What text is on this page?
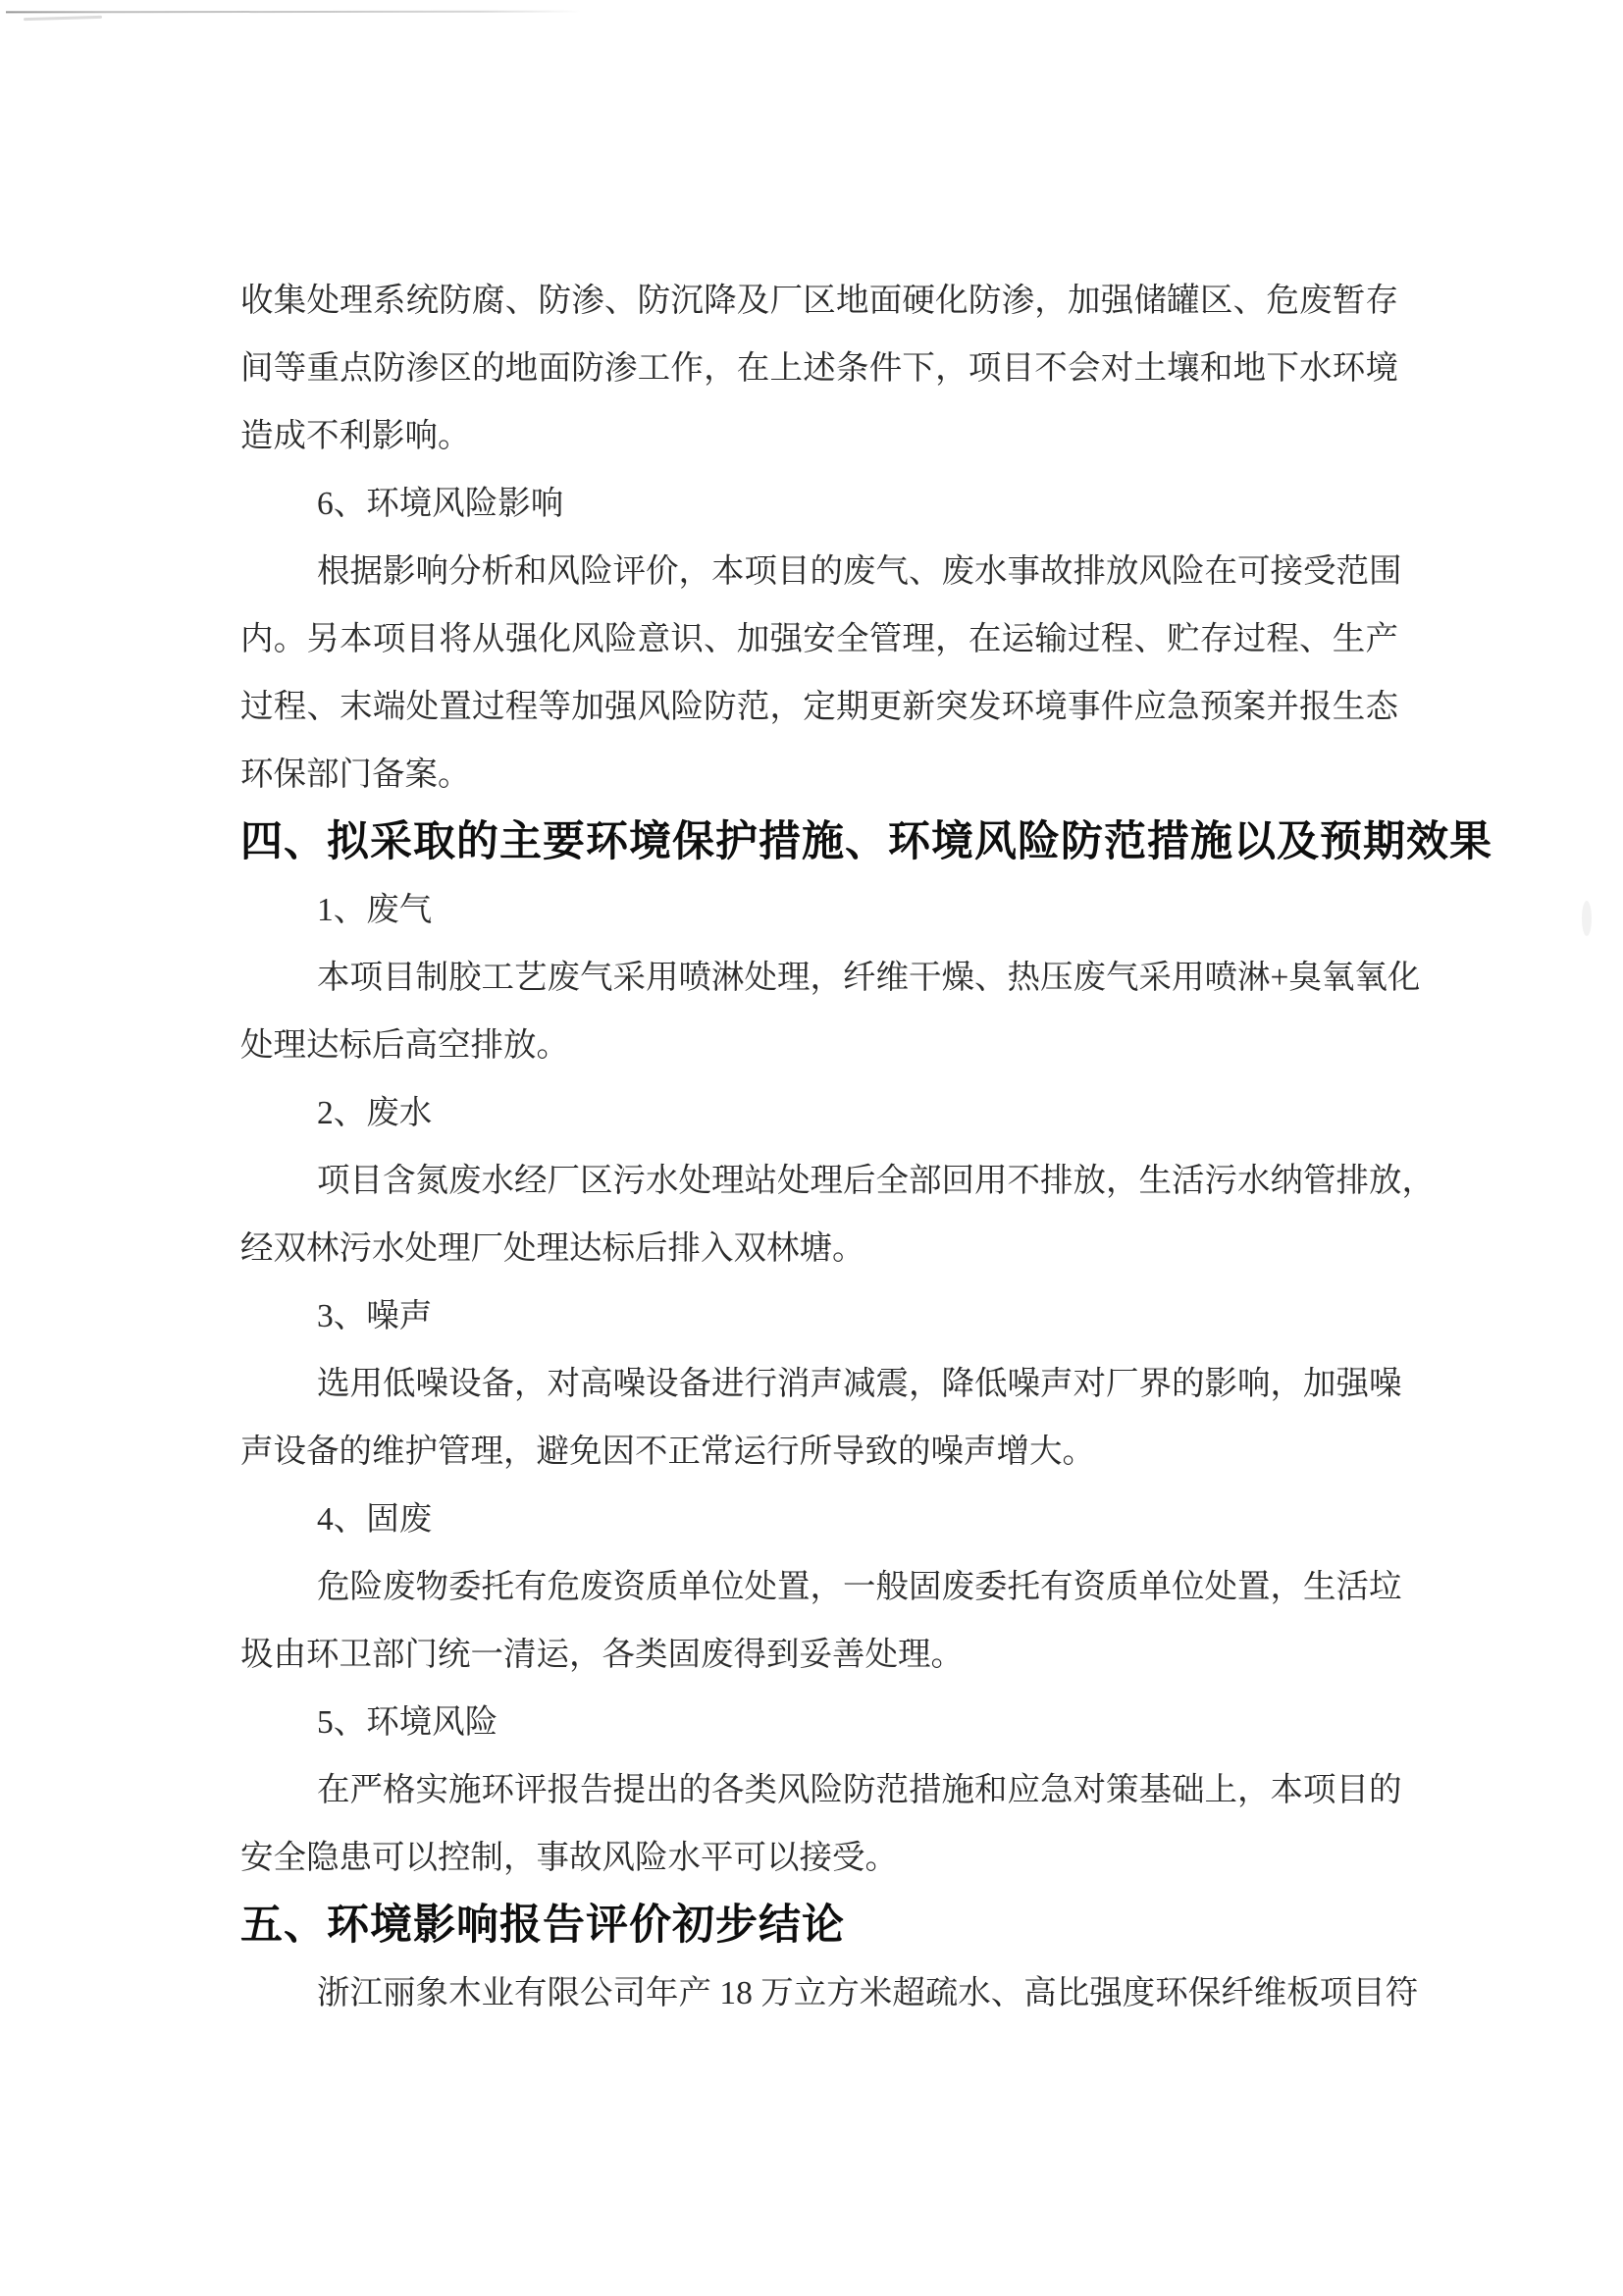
收集处理系统防腐、防渗、防沉降及厂区地面硬化防渗，加强储罐区、危废暂存
间等重点防渗区的地面防渗工作，在上述条件下，项目不会对土壤和地下水环境
造成不利影响。
6、环境风险影响
根据影响分析和风险评价，本项目的废气、废水事故排放风险在可接受范围
内。另本项目将从强化风险意识、加强安全管理，在运输过程、贮存过程、生产
过程、末端处置过程等加强风险防范，定期更新突发环境事件应急预案并报生态
环保部门备案。
四、拟采取的主要环境保护措施、环境风险防范措施以及预期效果
1、废气
本项目制胶工艺废气采用喷淋处理，纤维干燥、热压废气采用喷淋+臭氧氧化
处理达标后高空排放。
2、废水
项目含氮废水经厂区污水处理站处理后全部回用不排放，生活污水纳管排放，
经双林污水处理厂处理达标后排入双林塘。
3、噪声
选用低噪设备，对高噪设备进行消声减震，降低噪声对厂界的影响，加强噪
声设备的维护管理，避免因不正常运行所导致的噪声增大。
4、固废
危险废物委托有危废资质单位处置，一般固废委托有资质单位处置，生活垃
圾由环卫部门统一清运，各类固废得到妥善处理。
5、环境风险
在严格实施环评报告提出的各类风险防范措施和应急对策基础上，本项目的
安全隐患可以控制，事故风险水平可以接受。
五、环境影响报告评价初步结论
浙江丽象木业有限公司年产 18 万立方米超疏水、高比强度环保纤维板项目符
